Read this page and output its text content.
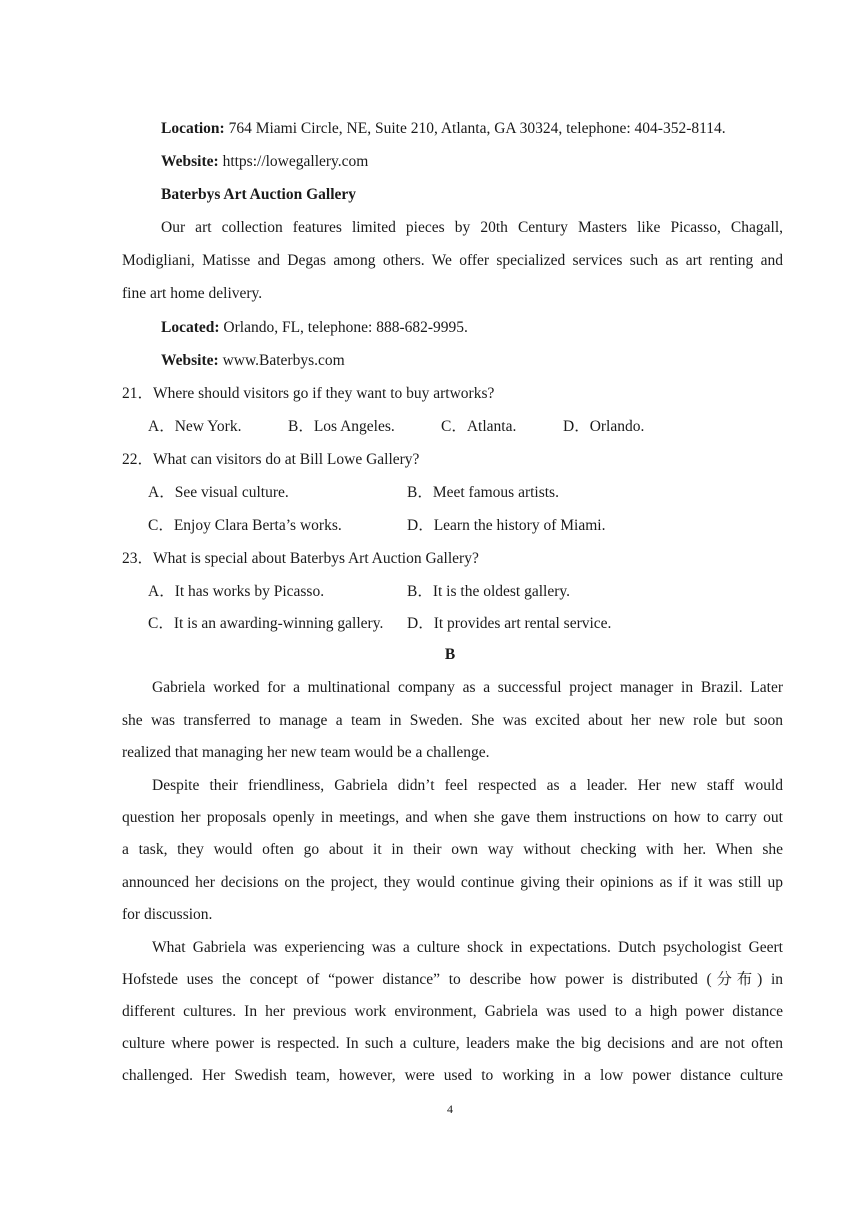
Location: 764 Miami Circle, NE, Suite 210, Atlanta, GA 30324, telephone: 404-352-8114.
Website: https://lowegallery.com
Baterbys Art Auction Gallery
Our art collection features limited pieces by 20th Century Masters like Picasso, Chagall,
Modigliani, Matisse and Degas among others. We offer specialized services such as art renting and
fine art home delivery.
Located: Orlando, FL, telephone: 888-682-9995.
Website: www.Baterbys.com
21．Where should visitors go if they want to buy artworks?
A．New York.	B．Los Angeles.	C．Atlanta.	D．Orlando.
22．What can visitors do at Bill Lowe Gallery?
A．See visual culture.	B．Meet famous artists.
C．Enjoy Clara Berta’s works.	D．Learn the history of Miami.
23．What is special about Baterbys Art Auction Gallery?
A．It has works by Picasso.	B．It is the oldest gallery.
C．It is an awarding-winning gallery. D．It provides art rental service.
B
Gabriela worked for a multinational company as a successful project manager in Brazil. Later
she was transferred to manage a team in Sweden. She was excited about her new role but soon
realized that managing her new team would be a challenge.
Despite their friendliness, Gabriela didn’t feel respected as a leader. Her new staff would
question her proposals openly in meetings, and when she gave them instructions on how to carry out
a task, they would often go about it in their own way without checking with her. When she
announced her decisions on the project, they would continue giving their opinions as if it was still up
for discussion.
What Gabriela was experiencing was a culture shock in expectations. Dutch psychologist Geert
Hofstede uses the concept of “power distance” to describe how power is distributed (分布) in
different cultures. In her previous work environment, Gabriela was used to a high power distance
culture where power is respected. In such a culture, leaders make the big decisions and are not often
challenged. Her Swedish team, however, were used to working in a low power distance culture
4
